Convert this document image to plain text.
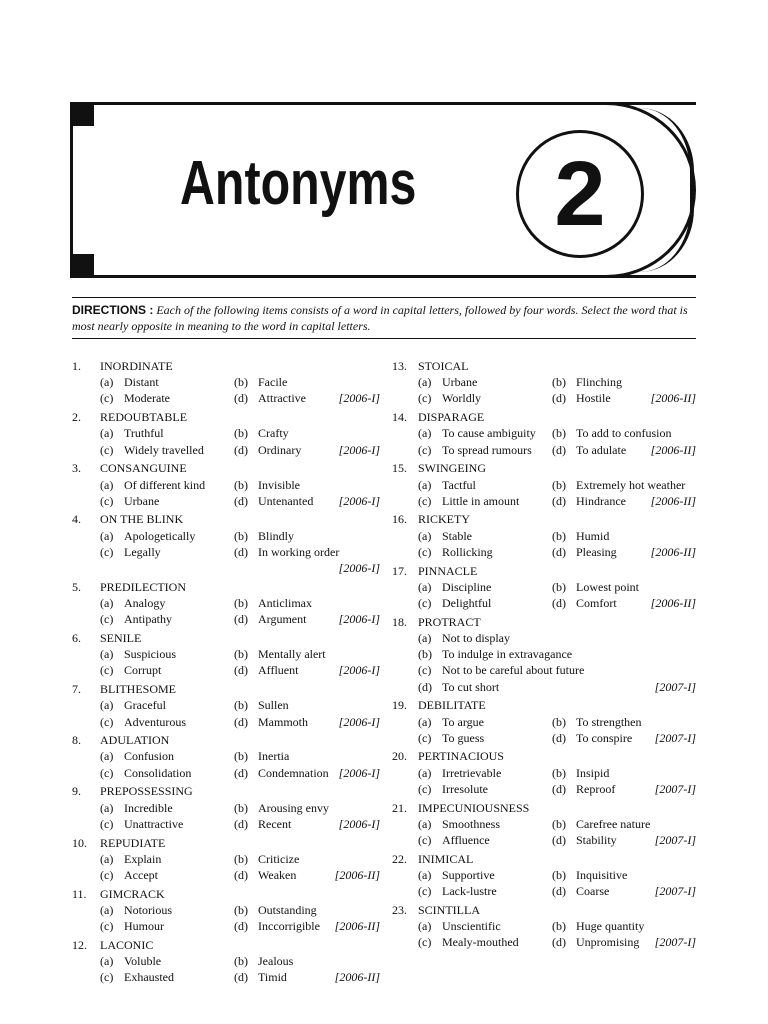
Antonyms	2
DIRECTIONS : Each of the following items consists of a word in capital letters, followed by four words. Select the word that is most nearly opposite in meaning to the word in capital letters.
1. INORDINATE
(a) Distant	(b) Facile
(c) Moderate	(d) Attractive	[2006-I]
2. REDOUBTABLE
(a) Truthful	(b) Crafty
(c) Widely travelled	(d) Ordinary	[2006-I]
3. CONSANGUINE
(a) Of different kind (b) Invisible
(c) Urbane	(d) Untenanted [2006-I]
4. ON THE BLINK
(a) Apologetically	(b) Blindly
(c) Legally	(d) In working order
[2006-I]
5. PREDILECTION
(a) Analogy	(b) Anticlimax
(c) Antipathy	(d) Argument	[2006-I]
6. SENILE
(a) Suspicious	(b) Mentally alert
(c) Corrupt	(d) Affluent	[2006-I]
7. BLITHESOME
(a) Graceful	(b) Sullen
(c) Adventurous	(d) Mammoth	[2006-I]
8. ADULATION
(a) Confusion	(b) Inertia
(c) Consolidation	(d) Condemnation [2006-I]
9. PREPOSSESSING
(a) Incredible	(b) Arousing envy
(c) Unattractive	(d) Recent	[2006-I]
10. REPUDIATE
(a) Explain	(b) Criticize
(c) Accept	(d) Weaken	[2006-II]
11. GIMCRACK
(a) Notorious	(b) Outstanding
(c) Humour	(d) Inccorrigible [2006-II]
12. LACONIC
(a) Voluble	(b) Jealous
(c) Exhausted	(d) Timid	[2006-II]
13. STOICAL
(a) Urbane	(b) Flinching
(c) Worldly	(d) Hostile	[2006-II]
14. DISPARAGE
(a) To cause ambiguity (b) To add to confusion
(c) To spread rumours (d) To adulate [2006-II]
15. SWINGEING
(a) Tactful	(b) Extremely hot weather
(c) Little in amount	(d) Hindrance [2006-II]
16. RICKETY
(a) Stable	(b) Humid
(c) Rollicking	(d) Pleasing	[2006-II]
17. PINNACLE
(a) Discipline	(b) Lowest point
(c) Delightful	(d) Comfort	[2006-II]
18. PROTRACT
(a) Not to display
(b) To indulge in extravagance
(c) Not to be careful about future
(d) To cut short	[2007-I]
19. DEBILITATE
(a) To argue	(b) To strengthen
(c) To guess	(d) To conspire [2007-I]
20. PERTINACIOUS
(a) Irretrievable	(b) Insipid
(c) Irresolute	(d) Reproof	[2007-I]
21. IMPECUNIOUSNESS
(a) Smoothness	(b) Carefree nature
(c) Affluence	(d) Stability	[2007-I]
22. INIMICAL
(a) Supportive	(b) Inquisitive
(c) Lack-lustre	(d) Coarse	[2007-I]
23. SCINTILLA
(a) Unscientific	(b) Huge quantity
(c) Mealy-mouthed	(d) Unpromising [2007-I]
